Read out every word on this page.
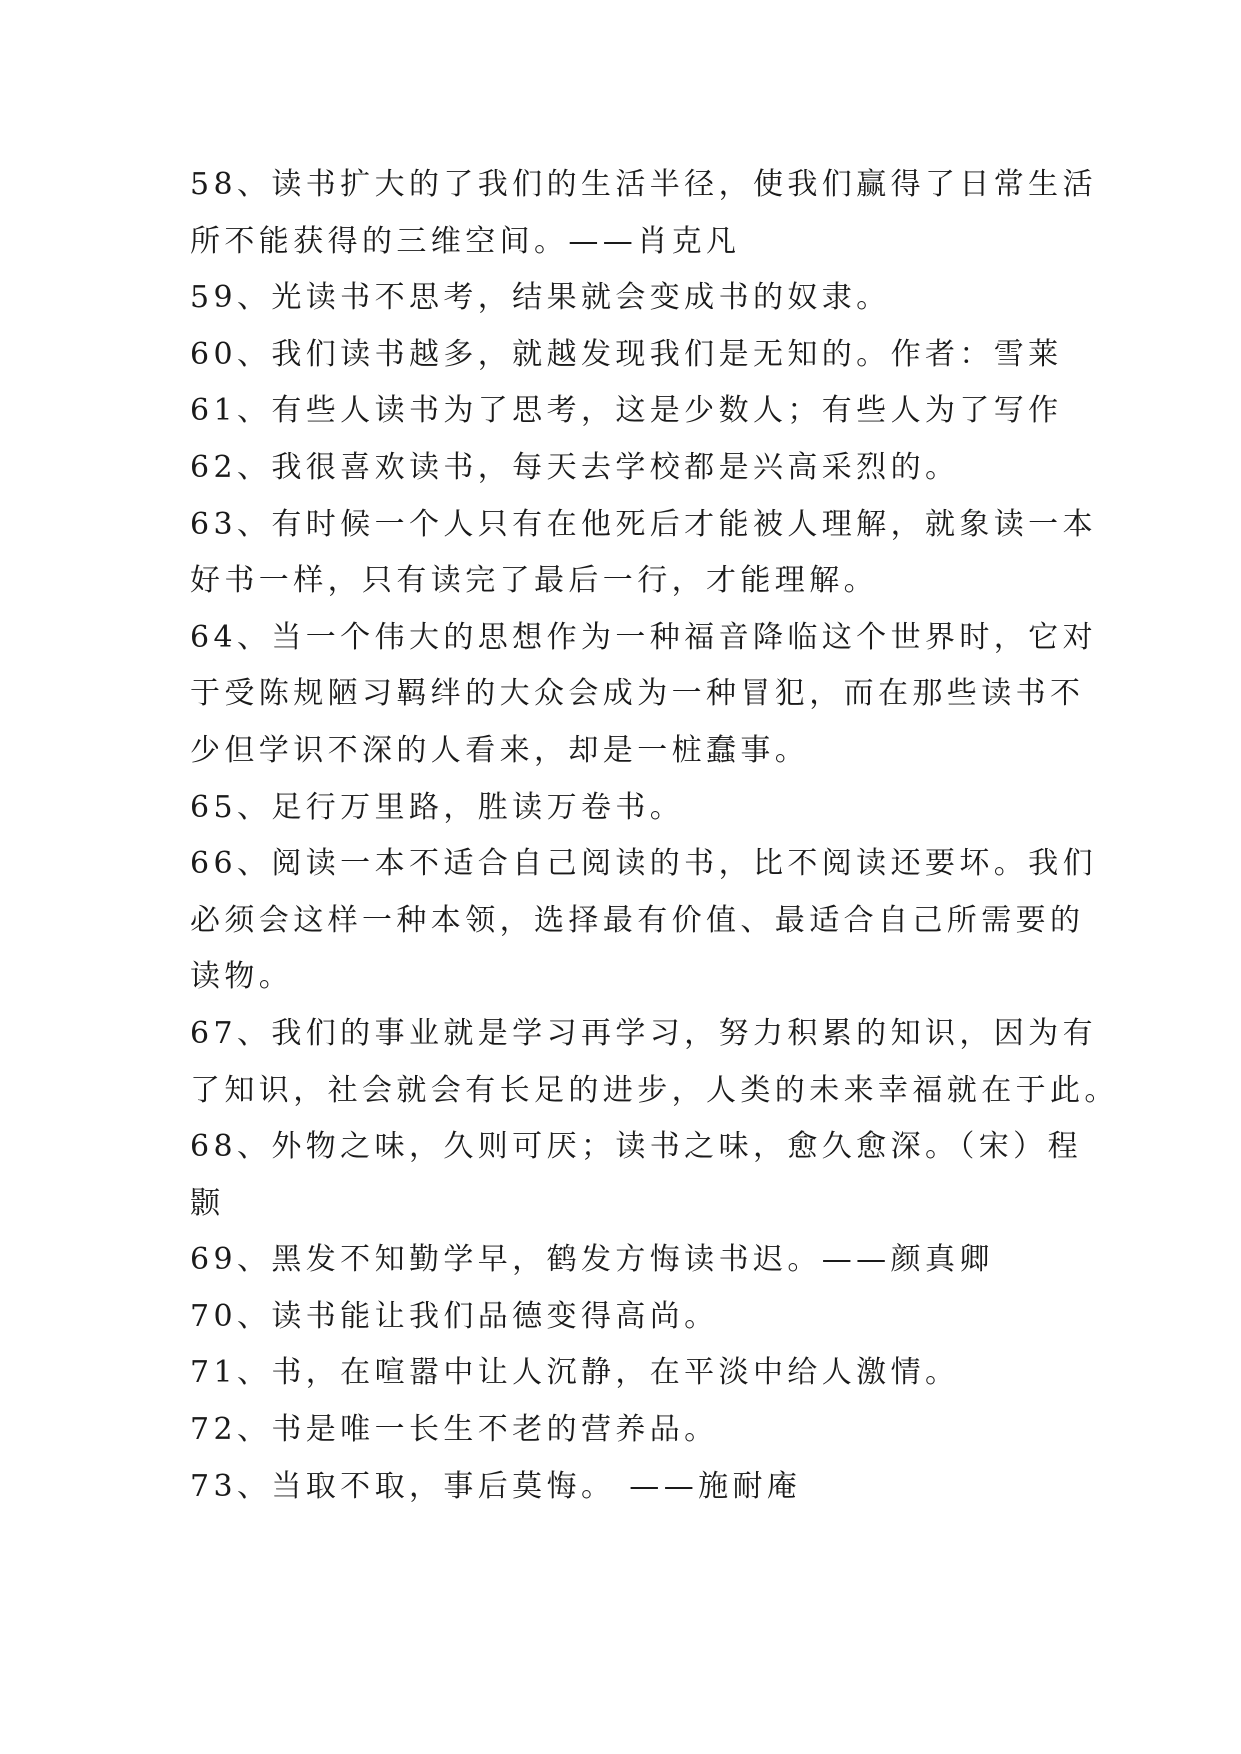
58、读书扩大的了我们的生活半径，使我们赢得了日常生活
所不能获得的三维空间。——肖克凡

59、光读书不思考，结果就会变成书的奴隶。

60、我们读书越多，就越发现我们是无知的。作者：雪莱

61、有些人读书为了思考，这是少数人；有些人为了写作

62、我很喜欢读书，每天去学校都是兴高采烈的。

63、有时候一个人只有在他死后才能被人理解，就象读一本
好书一样，只有读完了最后一行，才能理解。

64、当一个伟大的思想作为一种福音降临这个世界时，它对
于受陈规陋习羁绊的大众会成为一种冒犯，而在那些读书不
少但学识不深的人看来，却是一桩蠢事。

65、足行万里路，胜读万卷书。

66、阅读一本不适合自己阅读的书，比不阅读还要坏。我们
必须会这样一种本领，选择最有价值、最适合自己所需要的
读物。

67、我们的事业就是学习再学习，努力积累的知识，因为有
了知识，社会就会有长足的进步，人类的未来幸福就在于此。

68、外物之味，久则可厌；读书之味，愈久愈深。（宋）程
颢

69、黑发不知勤学早，鹤发方悔读书迟。——颜真卿

70、读书能让我们品德变得高尚。

71、书，在喧嚣中让人沉静，在平淡中给人激情。

72、书是唯一长生不老的营养品。

73、当取不取，事后莫悔。 ——施耐庵
